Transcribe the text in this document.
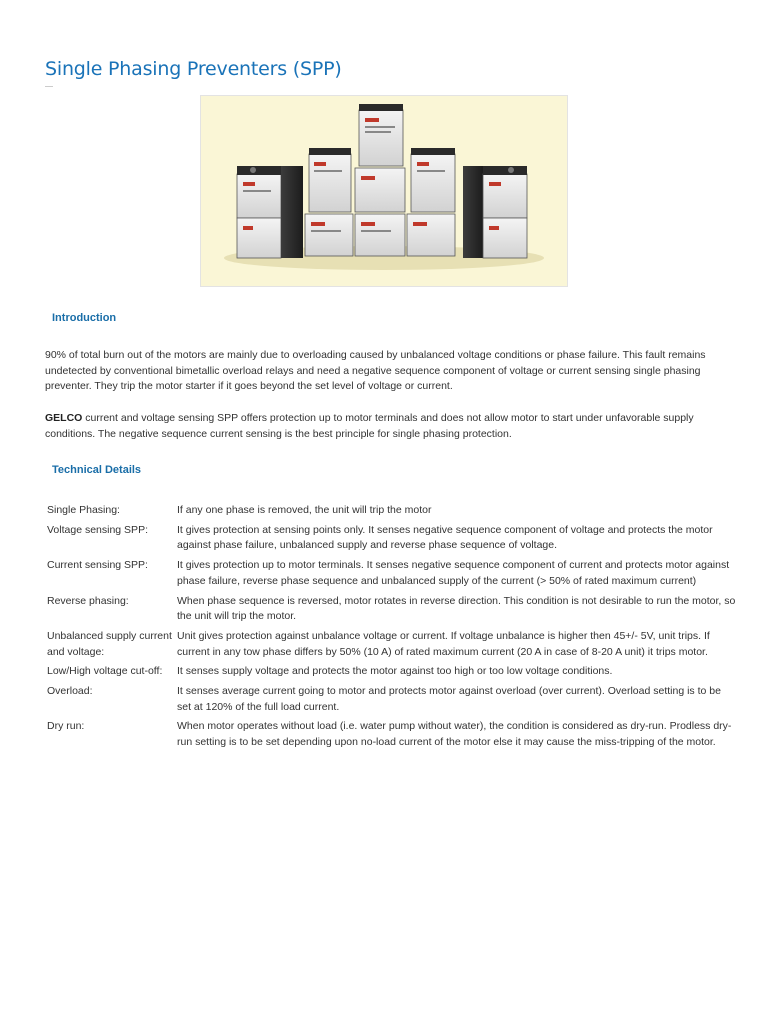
Single Phasing Preventers (SPP)
Introduction

90% of total burn out of the motors are mainly due to overloading caused by unbalanced voltage conditions or phase failure. This fault remains undetected by conventional bimetallic overload relays and need a negative sequence component of voltage or current sensing single phasing preventer. They trip the motor starter if it goes beyond the set level of voltage or current.

GELCO current and voltage sensing SPP offers protection up to motor terminals and does not allow motor to start under unfavorable supply conditions. The negative sequence current sensing is the best principle for single phasing protection.

Technical Details
Single Phasing:	If any one phase is removed, the unit will trip the motor
Voltage sensing SPP:	It gives protection at sensing points only. It senses negative sequence component of voltage and protects the motor against phase failure, unbalanced supply and reverse phase sequence of voltage.
Current sensing SPP:	It gives protection up to motor terminals. It senses negative sequence component of current and protects motor against phase failure, reverse phase sequence and unbalanced supply of the current (> 50% of rated maximum current)
Reverse phasing:	When phase sequence is reversed, motor rotates in reverse direction. This condition is not desirable to run the motor, so the unit will trip the motor.
Unbalanced supply current and voltage:	Unit gives protection against unbalance voltage or current. If voltage unbalance is higher then 45+/- 5V, unit trips. If current in any tow phase differs by 50% (10 A) of rated maximum current (20 A in case of 8-20 A unit) it trips motor.
Low/High voltage cut-off:	It senses supply voltage and protects the motor against too high or too low voltage conditions.
Overload:	It senses average current going to motor and protects motor against overload (over current). Overload setting is to be set at 120% of the full load current.
Dry run:	When motor operates without load (i.e. water pump without water), the condition is considered as dry-run. Prodless dry-run setting is to be set depending upon no-load current of the motor else it may cause the miss-tripping of the motor.
